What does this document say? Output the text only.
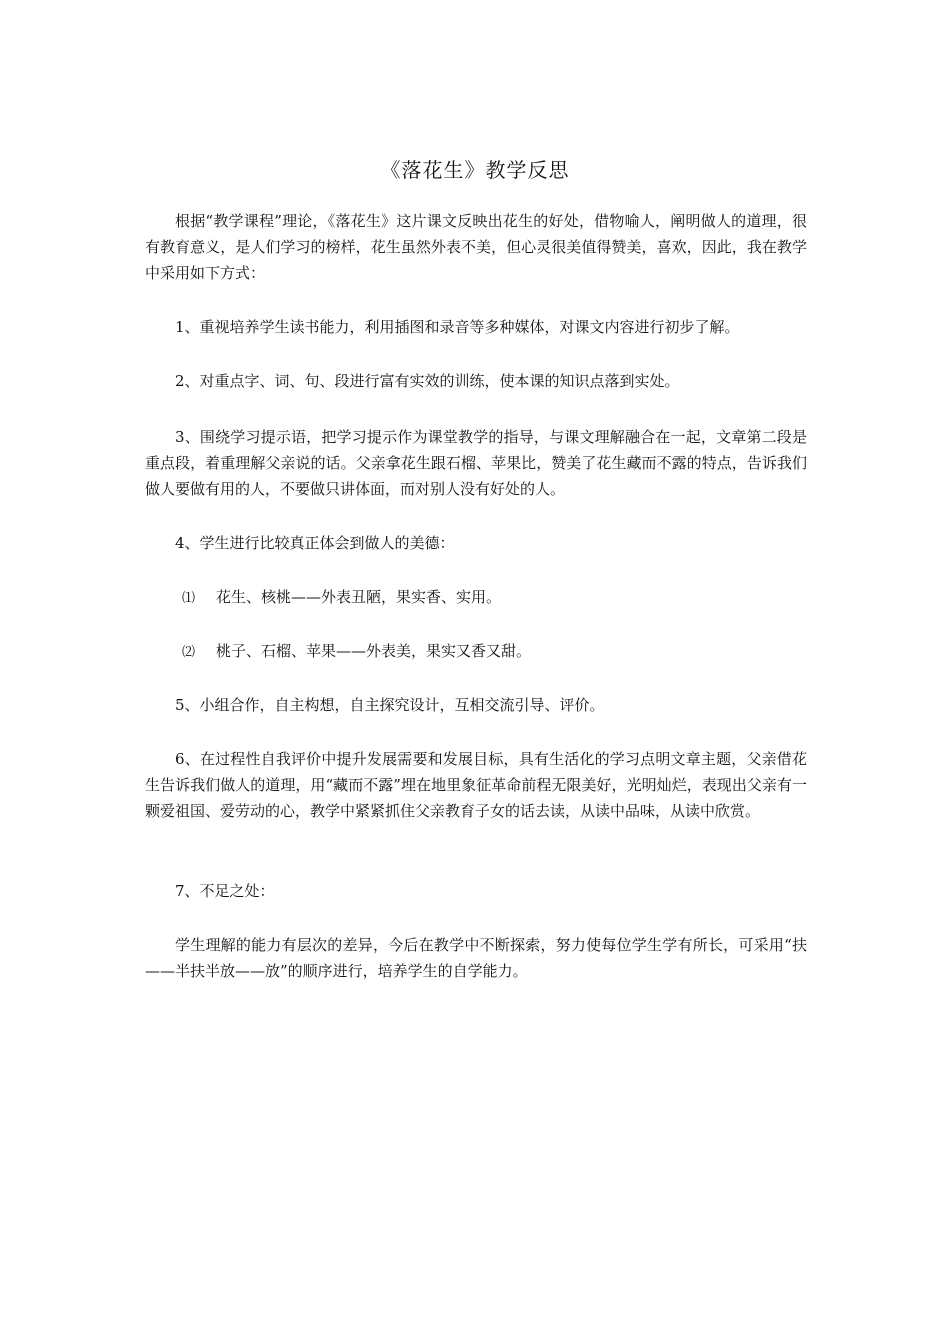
《落花生》教学反思

根据“教学课程”理论，《落花生》这片课文反映出花生的好处，借物喻人，阐明做人的道理，很有教育意义，是人们学习的榜样，花生虽然外表不美，但心灵很美值得赞美，喜欢，因此，我在教学中采用如下方式：

1、重视培养学生读书能力，利用插图和录音等多种媒体，对课文内容进行初步了解。

2、对重点字、词、句、段进行富有实效的训练，使本课的知识点落到实处。

3、围绕学习提示语，把学习提示作为课堂教学的指导，与课文理解融合在一起，文章第二段是重点段，着重理解父亲说的话。父亲拿花生跟石榴、苹果比，赞美了花生藏而不露的特点，告诉我们做人要做有用的人，不要做只讲体面，而对别人没有好处的人。

4、学生进行比较真正体会到做人的美德：

⑴ 花生、核桃——外表丑陋，果实香、实用。

⑵ 桃子、石榴、苹果——外表美，果实又香又甜。

5、小组合作，自主构想，自主探究设计，互相交流引导、评价。

6、在过程性自我评价中提升发展需要和发展目标，具有生活化的学习点明文章主题，父亲借花生告诉我们做人的道理，用“藏而不露”埋在地里象征革命前程无限美好，光明灿烂，表现出父亲有一颗爱祖国、爱劳动的心，教学中紧紧抓住父亲教育子女的话去读，从读中品味，从读中欣赏。

7、不足之处：

学生理解的能力有层次的差异，今后在教学中不断探索，努力使每位学生学有所长，可采用“扶——半扶半放——放”的顺序进行，培养学生的自学能力。
